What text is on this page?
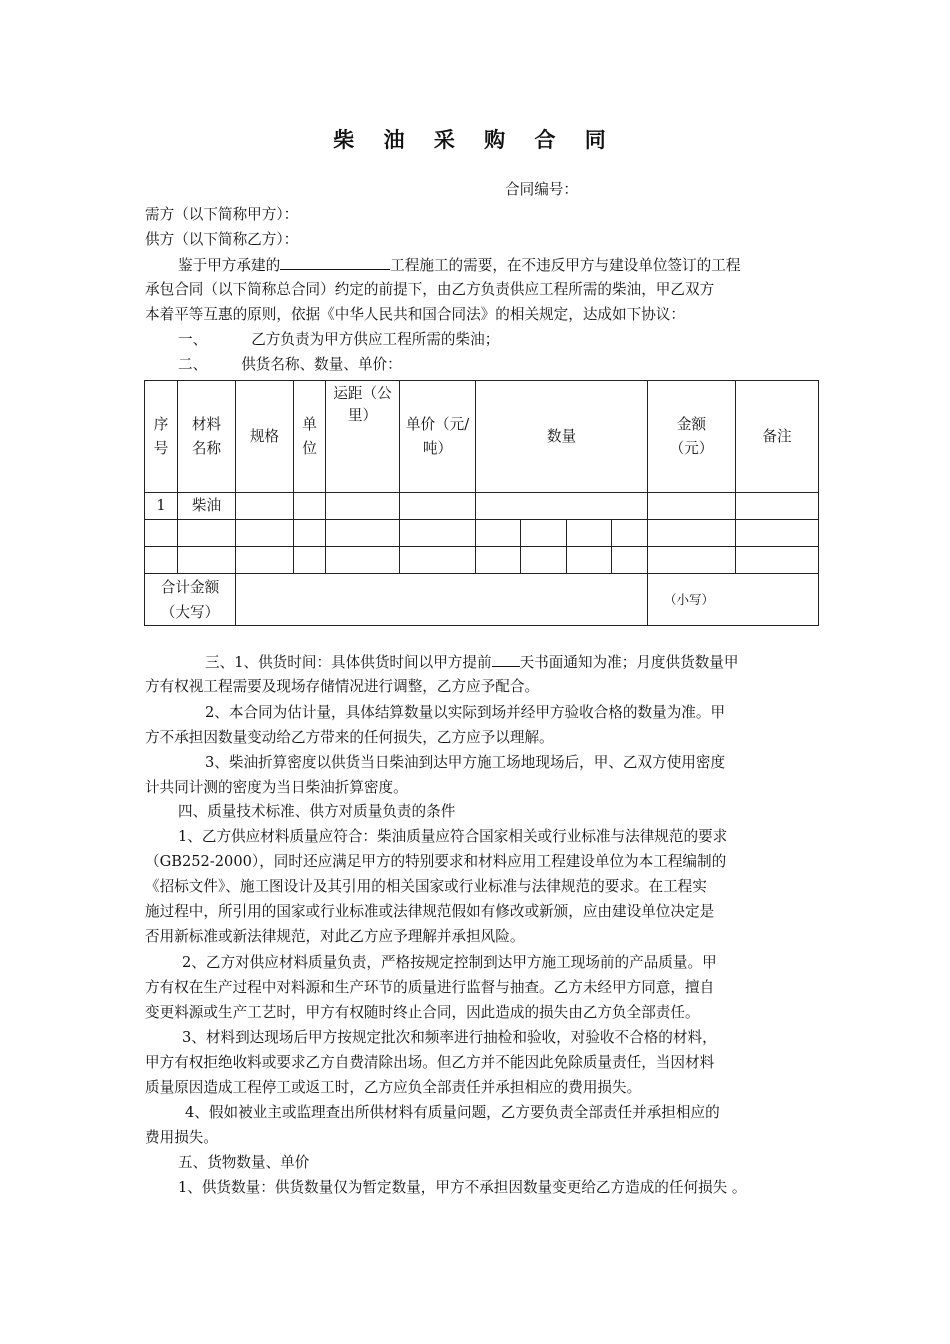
柴 油 采 购 合 同
合同编号：
需方（以下简称甲方）：
供方（以下简称乙方）：
鉴于甲方承建的	工程施工的需要，在不违反甲方与建设单位签订的工程
承包合同（以下简称总合同）约定的前提下，由乙方负责供应工程所需的柴油，甲乙双方
本着平等互惠的原则，依据《中华人民共和国合同法》的相关规定，达成如下协议：
一、	乙方负责为甲方供应工程所需的柴油；
二、 供货名称、数量、单价：
序号	材料名称	规格	单位	运距（公里）	单价（元/吨）	数量				金额（元）	备注
1	柴油										

合计金额（大写）										（小写）	
三、1、供货时间：具体供货时间以甲方提前 天书面通知为准；月度供货数量甲
方有权视工程需要及现场存储情况进行调整，乙方应予配合。
2、本合同为估计量，具体结算数量以实际到场并经甲方验收合格的数量为准。甲
方不承担因数量变动给乙方带来的任何损失，乙方应予以理解。
3、柴油折算密度以供货当日柴油到达甲方施工场地现场后，甲、乙双方使用密度
计共同计测的密度为当日柴油折算密度。
四、质量技术标准、供方对质量负责的条件
1、乙方供应材料质量应符合：柴油质量应符合国家相关或行业标准与法律规范的要求
（GB252-2000），同时还应满足甲方的特别要求和材料应用工程建设单位为本工程编制的
《招标文件》、施工图设计及其引用的相关国家或行业标准与法律规范的要求。在工程实
施过程中，所引用的国家或行业标准或法律规范假如有修改或新颁，应由建设单位决定是
否用新标准或新法律规范，对此乙方应予理解并承担风险。
2、乙方对供应材料质量负责，严格按规定控制到达甲方施工现场前的产品质量。甲
方有权在生产过程中对料源和生产环节的质量进行监督与抽查。乙方未经甲方同意，擅自
变更料源或生产工艺时，甲方有权随时终止合同，因此造成的损失由乙方负全部责任。
3、材料到达现场后甲方按规定批次和频率进行抽检和验收，对验收不合格的材料，
甲方有权拒绝收料或要求乙方自费清除出场。但乙方并不能因此免除质量责任，当因材料
质量原因造成工程停工或返工时，乙方应负全部责任并承担相应的费用损失。
4、假如被业主或监理查出所供材料有质量问题，乙方要负责全部责任并承担相应的
费用损失。
五、货物数量、单价
1、供货数量：供货数量仅为暂定数量，甲方不承担因数量变更给乙方造成的任何损失 。
